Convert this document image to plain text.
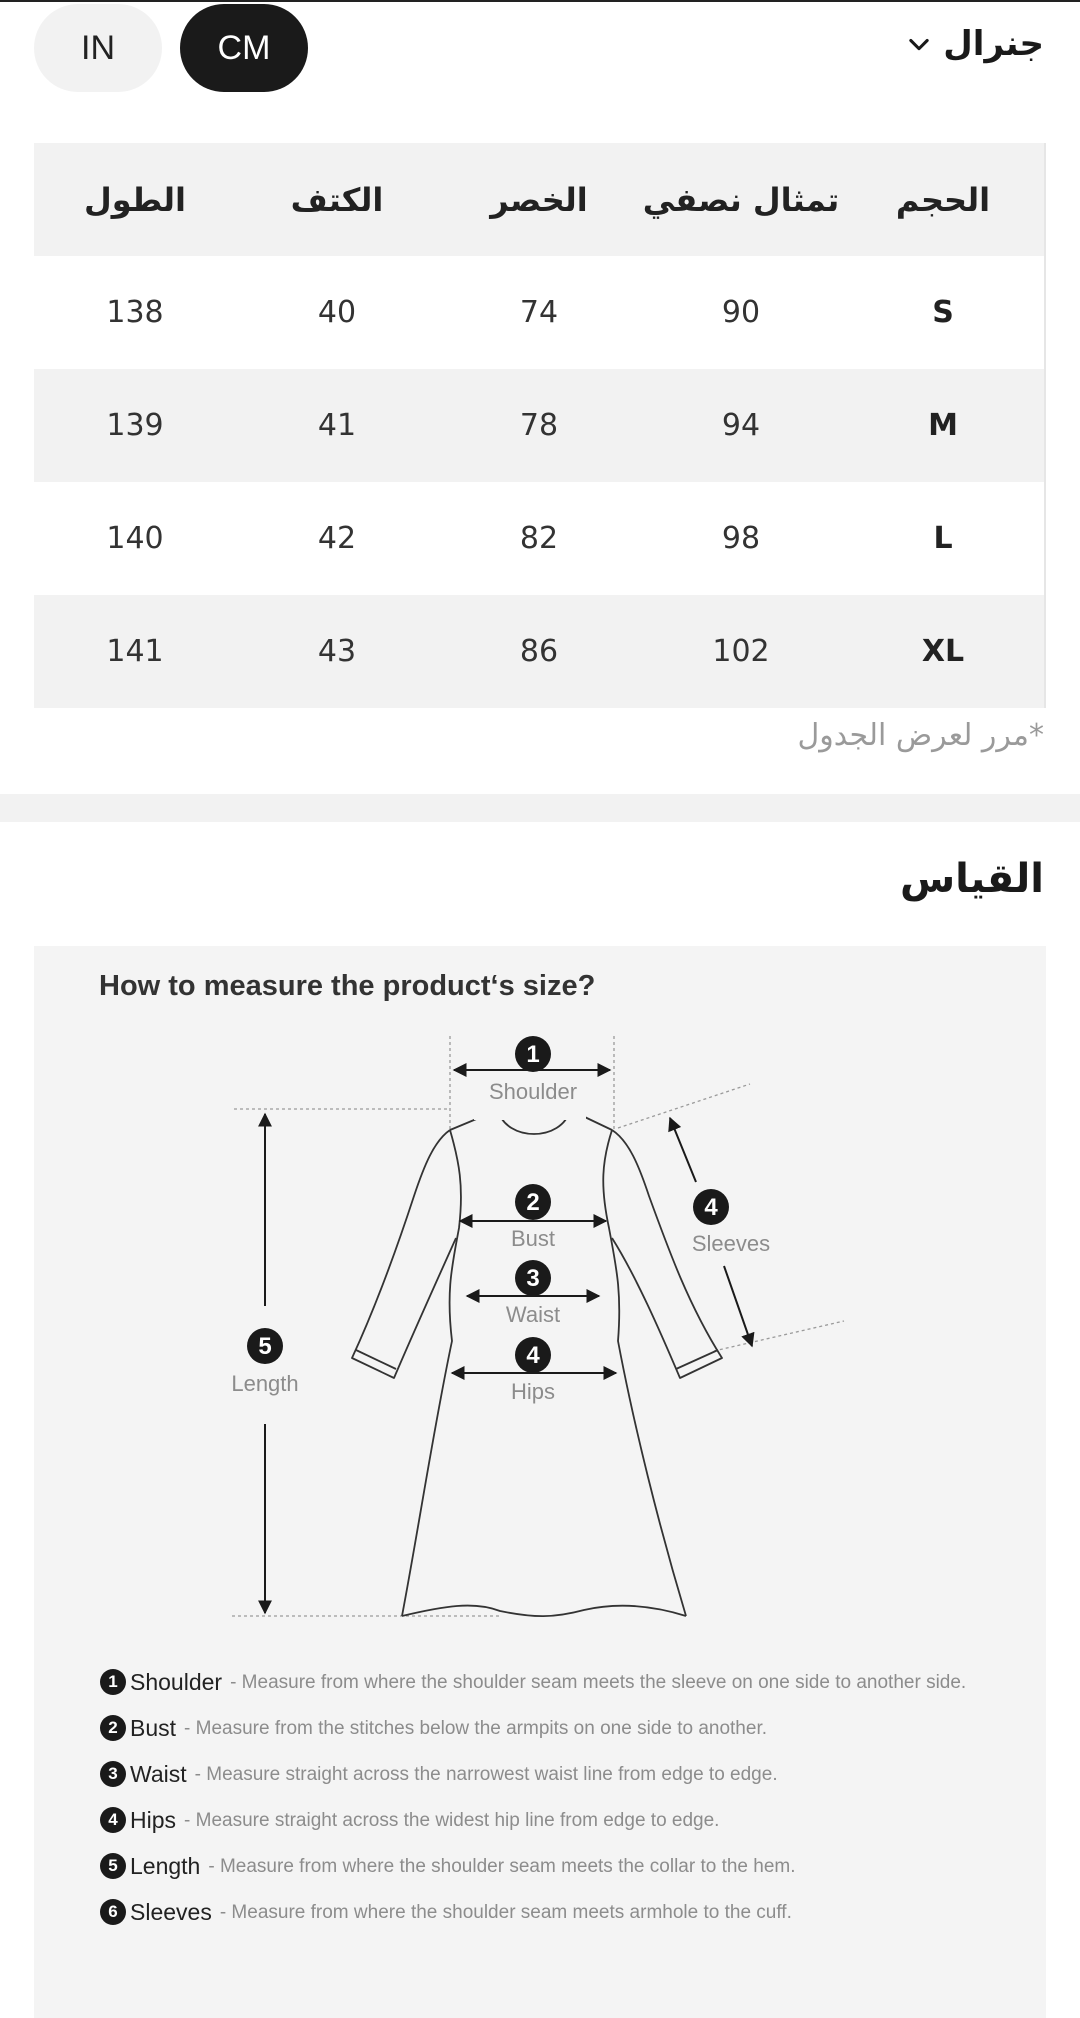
IN	CM	جنرال
الحجم
تمثال نصفي
الخصر
الكتف
الطول
S
90
74
40
138
M
94
78
41
139
L
98
82
42
140
XL
102
86
43
141
*مرر لعرض الجدول
القياس
How to measure the product‘s size?
1
Shoulder
2
Bust
3
Waist
4
Hips
5
Length
4
Sleeves
1 Shoulder - Measure from where the shoulder seam meets the sleeve on one side to another side.
2 Bust - Measure from the stitches below the armpits on one side to another.
3 Waist - Measure straight across the narrowest waist line from edge to edge.
4 Hips - Measure straight across the widest hip line from edge to edge.
5 Length - Measure from where the shoulder seam meets the collar to the hem.
6 Sleeves - Measure from where the shoulder seam meets armhole to the cuff.
